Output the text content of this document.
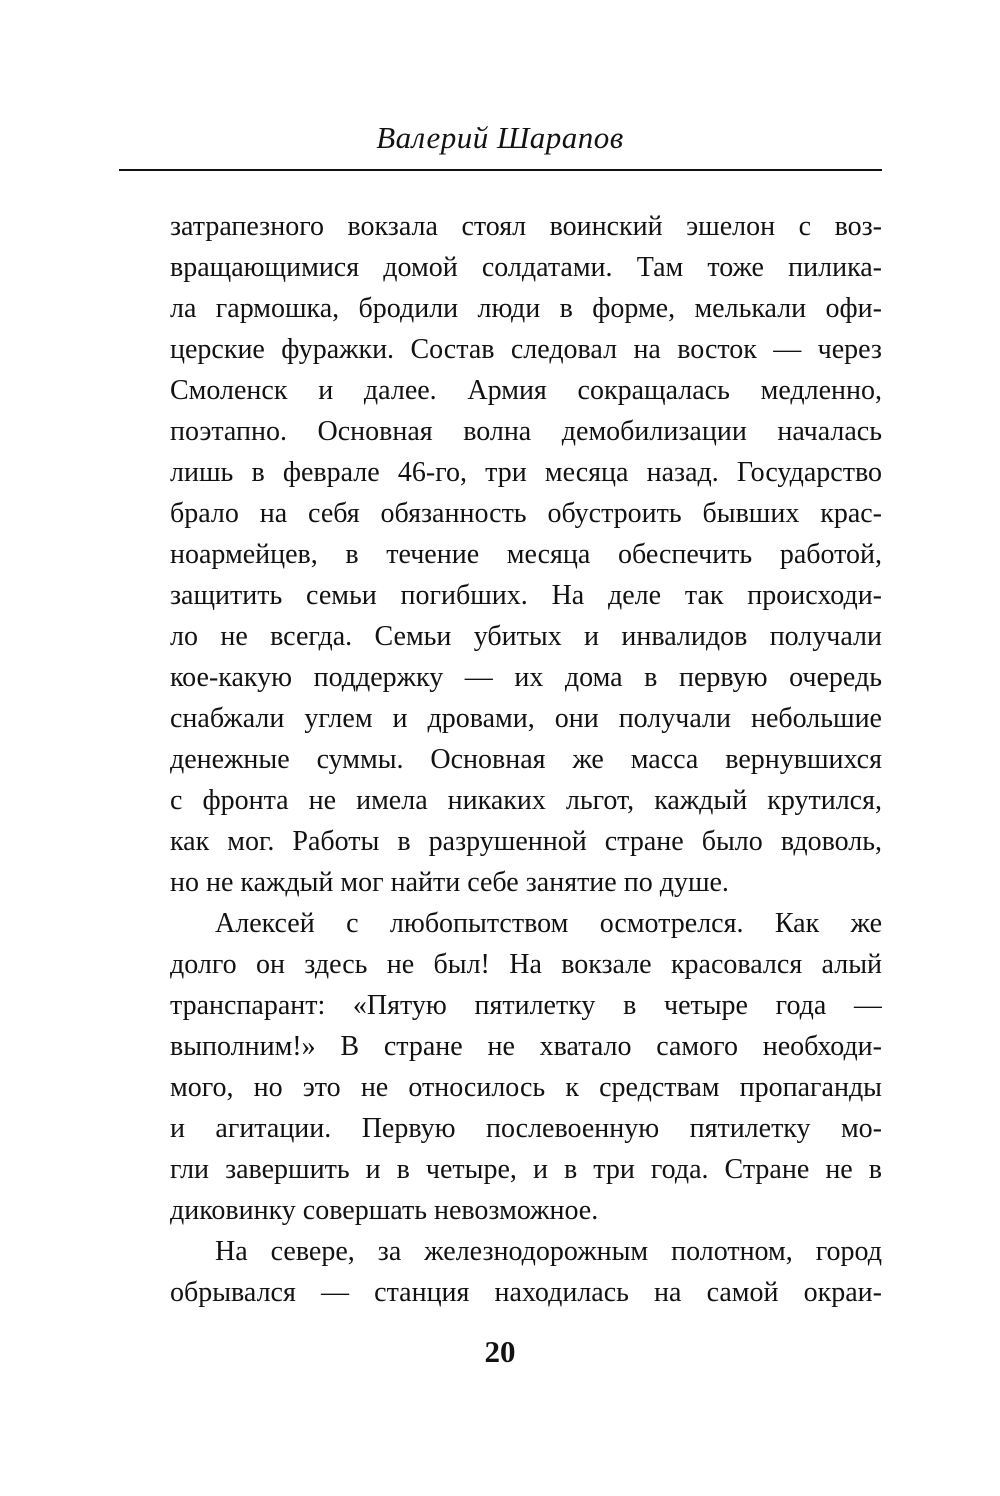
Валерий Шарапов
затрапезного вокзала стоял воинский эшелон с воз-
вращающимися домой солдатами. Там тоже пилика-
ла гармошка, бродили люди в форме, мелькали офи-
церские фуражки. Состав следовал на восток — через
Смоленск и далее. Армия сокращалась медленно,
поэтапно. Основная волна демобилизации началась
лишь в феврале 46-го, три месяца назад. Государство
брало на себя обязанность обустроить бывших крас-
ноармейцев, в течение месяца обеспечить работой,
защитить семьи погибших. На деле так происходи-
ло не всегда. Семьи убитых и инвалидов получали
кое-какую поддержку — их дома в первую очередь
снабжали углем и дровами, они получали небольшие
денежные суммы. Основная же масса вернувшихся
с фронта не имела никаких льгот, каждый крутился,
как мог. Работы в разрушенной стране было вдоволь,
но не каждый мог найти себе занятие по душе.
Алексей с любопытством осмотрелся. Как же
долго он здесь не был! На вокзале красовался алый
транспарант: «Пятую пятилетку в четыре года —
выполним!» В стране не хватало самого необходи-
мого, но это не относилось к средствам пропаганды
и агитации. Первую послевоенную пятилетку мо-
гли завершить и в четыре, и в три года. Стране не в
диковинку совершать невозможное.
На севере, за железнодорожным полотном, город
обрывался — станция находилась на самой окраи-
20
